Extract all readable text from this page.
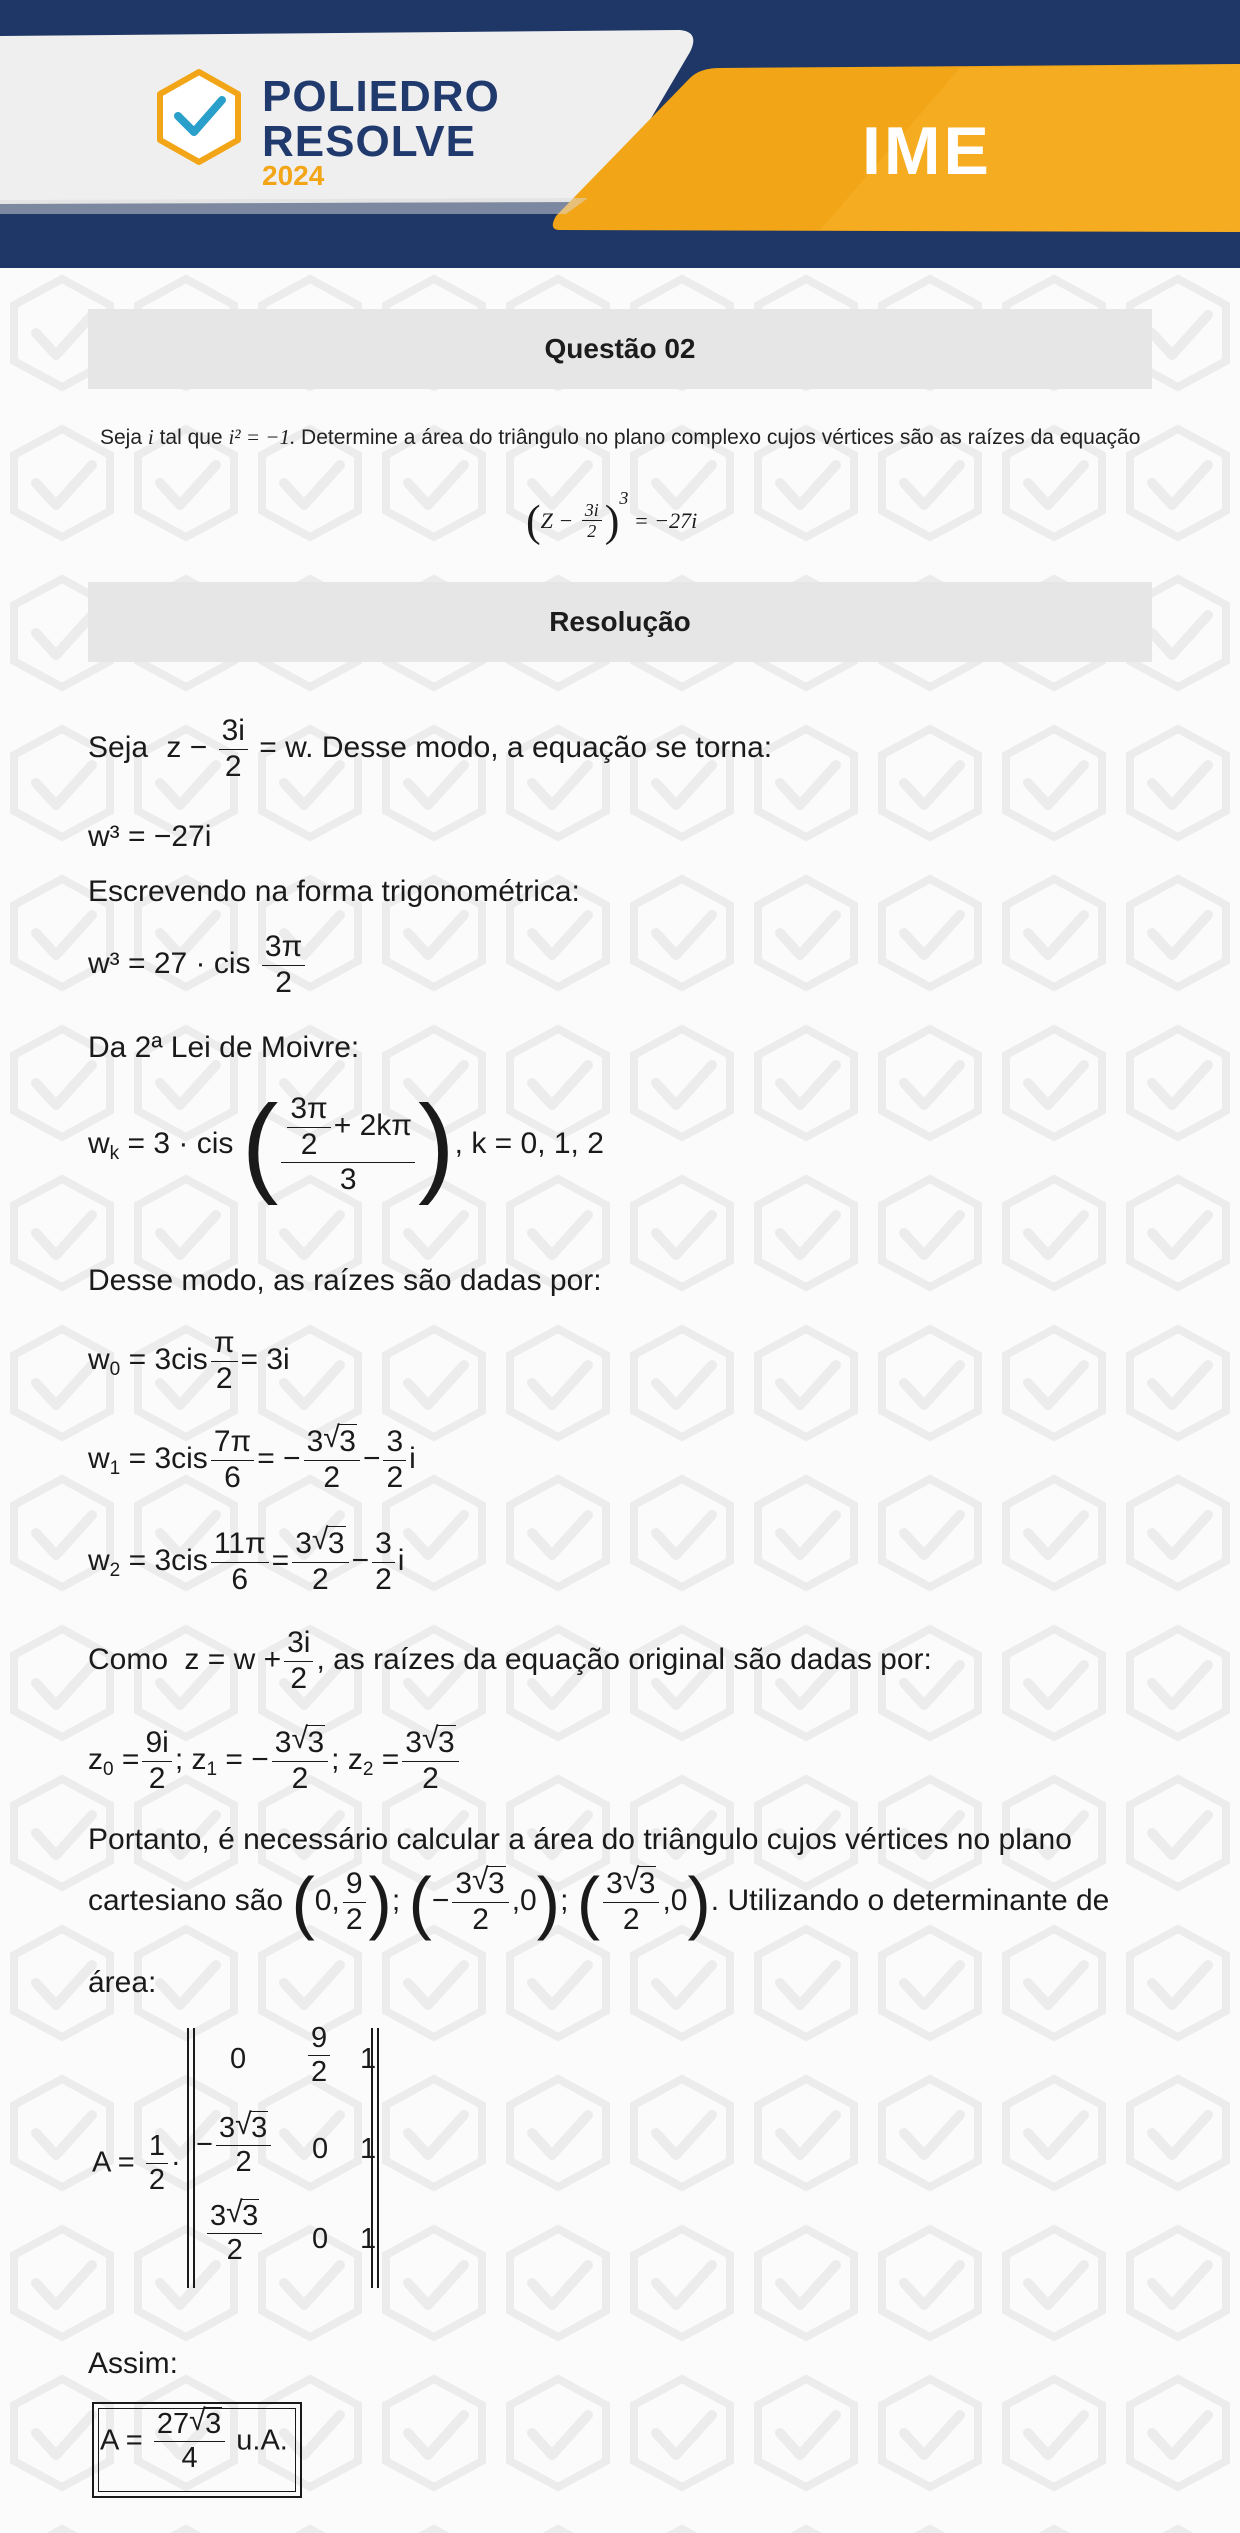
POLIEDRO
RESOLVE
2024	IME
Questão 02
Seja i tal que i² = −1. Determine a área do triângulo no plano complexo cujos vértices são as raízes da equação
$(Z - \frac{3i}{2} )^3 = -27i$
Resolução
Seja $z - \frac{3i}{2} = w$. Desse modo, a equação se torna:
w³ = −27i
Escrevendo na forma trigonométrica:
w³ = 27 · cis $\frac{3\pi}{2}$
Da 2ª Lei de Moivre:
$w_k = 3$ · cis ( $\frac{\frac{3\pi}{2} + 2k\pi}{3}$ ), k = 0, 1, 2
Desse modo, as raízes são dadas por:
$w_0 = 3cis \frac{\pi}{2} = 3i$
$w_1 = 3cis \frac{7\pi}{6}$ = − $\frac{3 √ 3}{2} - \frac{3}{2}$ i
$w_2 = 3cis \frac{11\pi}{6} = \frac{3 √ 3}{2} - \frac{3}{2}$ i
Como $z = w + \frac{3i}{2}$ , as raízes da equação original são dadas por:
$z_0 = \frac{9i}{2}$ ; $z_1$ = − $\frac{3 √ 3}{2}$ ; $z_2 = \frac{3 √ 3}{2}$
Portanto, é necessário calcular a área do triângulo cujos vértices no plano
cartesiano são (0, $\frac{9}{2}$ ); (− $\frac{3 √ 3}{2} ,0$); ( $\frac{3 √ 3}{2} ,0$). Utilizando o determinante de
área:
$A = \frac{1}{2}$ ·
$0 \frac{9}{2} 1$
− $\frac{3 √ 3}{2} 0$ 1
$\frac{3 √ 3}{2} 0$ 1
Assim:
$A = \frac{27 √ 3}{4} u.A$.
